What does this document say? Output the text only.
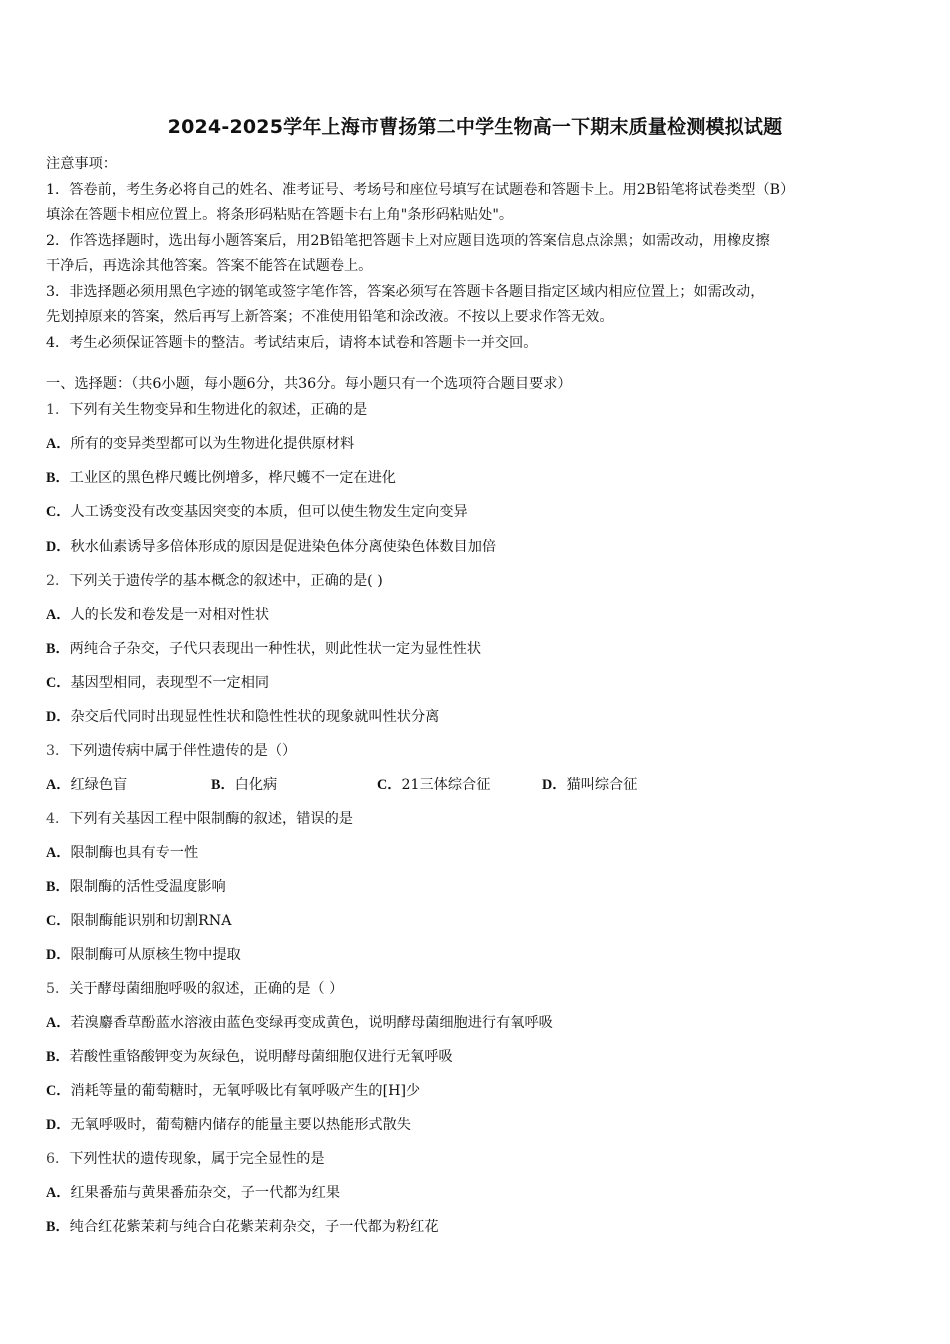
2024-2025学年上海市曹扬第二中学生物高一下期末质量检测模拟试题

注意事项：

1．答卷前，考生务必将自己的姓名、准考证号、考场号和座位号填写在试题卷和答题卡上。用2B铅笔将试卷类型（B）

填涂在答题卡相应位置上。将条形码粘贴在答题卡右上角"条形码粘贴处"。

2．作答选择题时，选出每小题答案后，用2B铅笔把答题卡上对应题目选项的答案信息点涂黑；如需改动，用橡皮擦

干净后，再选涂其他答案。答案不能答在试题卷上。

3．非选择题必须用黑色字迹的钢笔或签字笔作答，答案必须写在答题卡各题目指定区域内相应位置上；如需改动，

先划掉原来的答案，然后再写上新答案；不准使用铅笔和涂改液。不按以上要求作答无效。

4．考生必须保证答题卡的整洁。考试结束后，请将本试卷和答题卡一并交回。

一、选择题：（共6小题，每小题6分，共36分。每小题只有一个选项符合题目要求）
1．下列有关生物变异和生物进化的叙述，正确的是
A．所有的变异类型都可以为生物进化提供原材料
B．工业区的黑色桦尺蠖比例增多，桦尺蠖不一定在进化
C．人工诱变没有改变基因突变的本质，但可以使生物发生定向变异
D．秋水仙素诱导多倍体形成的原因是促进染色体分离使染色体数目加倍
2．下列关于遗传学的基本概念的叙述中，正确的是( )
A．人的长发和卷发是一对相对性状
B．两纯合子杂交，子代只表现出一种性状，则此性状一定为显性性状
C．基因型相同，表现型不一定相同
D．杂交后代同时出现显性性状和隐性性状的现象就叫性状分离
3．下列遗传病中属于伴性遗传的是（）
A．红绿色盲	B．白化病	C．21三体综合征	D．猫叫综合征
4．下列有关基因工程中限制酶的叙述，错误的是
A．限制酶也具有专一性
B．限制酶的活性受温度影响
C．限制酶能识别和切割RNA
D．限制酶可从原核生物中提取
5．关于酵母菌细胞呼吸的叙述，正确的是（ ）
A．若溴麝香草酚蓝水溶液由蓝色变绿再变成黄色，说明酵母菌细胞进行有氧呼吸
B．若酸性重铬酸钾变为灰绿色，说明酵母菌细胞仅进行无氧呼吸
C．消耗等量的葡萄糖时，无氧呼吸比有氧呼吸产生的[H]少
D．无氧呼吸时，葡萄糖内储存的能量主要以热能形式散失
6．下列性状的遗传现象，属于完全显性的是
A．红果番茄与黄果番茄杂交，子一代都为红果
B．纯合红花紫茉莉与纯合白花紫茉莉杂交，子一代都为粉红花
